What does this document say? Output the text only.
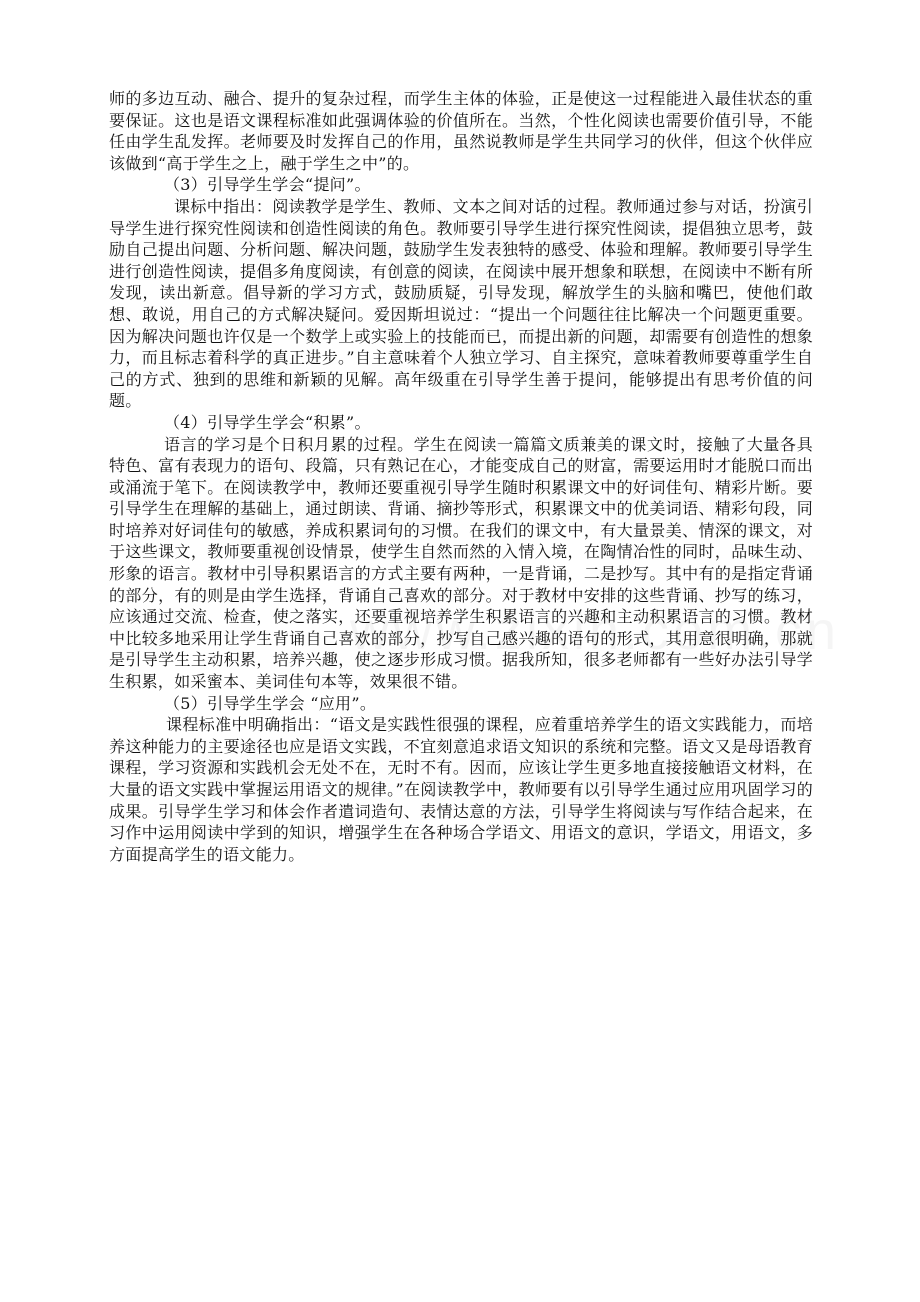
师的多边互动、融合、提升的复杂过程，而学生主体的体验，正是使这一过程能进入最佳状态的重要保证。这也是语文课程标准如此强调体验的价值所在。当然，个性化阅读也需要价值引导，不能任由学生乱发挥。老师要及时发挥自己的作用，虽然说教师是学生共同学习的伙伴，但这个伙伴应该做到“高于学生之上，融于学生之中”的。

（3）引导学生学会“提问”。

课标中指出：阅读教学是学生、教师、文本之间对话的过程。教师通过参与对话，扮演引导学生进行探究性阅读和创造性阅读的角色。教师要引导学生进行探究性阅读，提倡独立思考，鼓励自己提出问题、分析问题、解决问题，鼓励学生发表独特的感受、体验和理解。教师要引导学生进行创造性阅读，提倡多角度阅读，有创意的阅读，在阅读中展开想象和联想，在阅读中不断有所发现，读出新意。倡导新的学习方式，鼓励质疑，引导发现，解放学生的头脑和嘴巴，使他们敢想、敢说，用自己的方式解决疑问。爱因斯坦说过：“提出一个问题往往比解决一个问题更重要。因为解决问题也许仅是一个数学上或实验上的技能而已，而提出新的问题，却需要有创造性的想象力，而且标志着科学的真正进步。”自主意味着个人独立学习、自主探究，意味着教师要尊重学生自己的方式、独到的思维和新颖的见解。高年级重在引导学生善于提问，能够提出有思考价值的问题。

（4）引导学生学会“积累”。

语言的学习是个日积月累的过程。学生在阅读一篇篇文质兼美的课文时，接触了大量各具特色、富有表现力的语句、段篇，只有熟记在心，才能变成自己的财富，需要运用时才能脱口而出或涌流于笔下。在阅读教学中，教师还要重视引导学生随时积累课文中的好词佳句、精彩片断。要引导学生在理解的基础上，通过朗读、背诵、摘抄等形式，积累课文中的优美词语、精彩句段，同时培养对好词佳句的敏感，养成积累词句的习惯。在我们的课文中，有大量景美、情深的课文，对于这些课文，教师要重视创设情景，使学生自然而然的入情入境，在陶情冶性的同时，品味生动、形象的语言。教材中引导积累语言的方式主要有两种，一是背诵，二是抄写。其中有的是指定背诵的部分，有的则是由学生选择，背诵自己喜欢的部分。对于教材中安排的这些背诵、抄写的练习，应该通过交流、检查，使之落实，还要重视培养学生积累语言的兴趣和主动积累语言的习惯。教材中比较多地采用让学生背诵自己喜欢的部分，抄写自己感兴趣的语句的形式，其用意很明确，那就是引导学生主动积累，培养兴趣，使之逐步形成习惯。据我所知，很多老师都有一些好办法引导学生积累，如采蜜本、美词佳句本等，效果很不错。

（5）引导学生学会 “应用”。

课程标准中明确指出：“语文是实践性很强的课程，应着重培养学生的语文实践能力，而培养这种能力的主要途径也应是语文实践，不宜刻意追求语文知识的系统和完整。语文又是母语教育课程，学习资源和实践机会无处不在，无时不有。因而，应该让学生更多地直接接触语文材料，在大量的语文实践中掌握运用语文的规律。”在阅读教学中，教师要有以引导学生通过应用巩固学习的成果。引导学生学习和体会作者遣词造句、表情达意的方法，引导学生将阅读与写作结合起来，在习作中运用阅读中学到的知识，增强学生在各种场合学语文、用语文的意识，学语文，用语文，多方面提高学生的语文能力。
